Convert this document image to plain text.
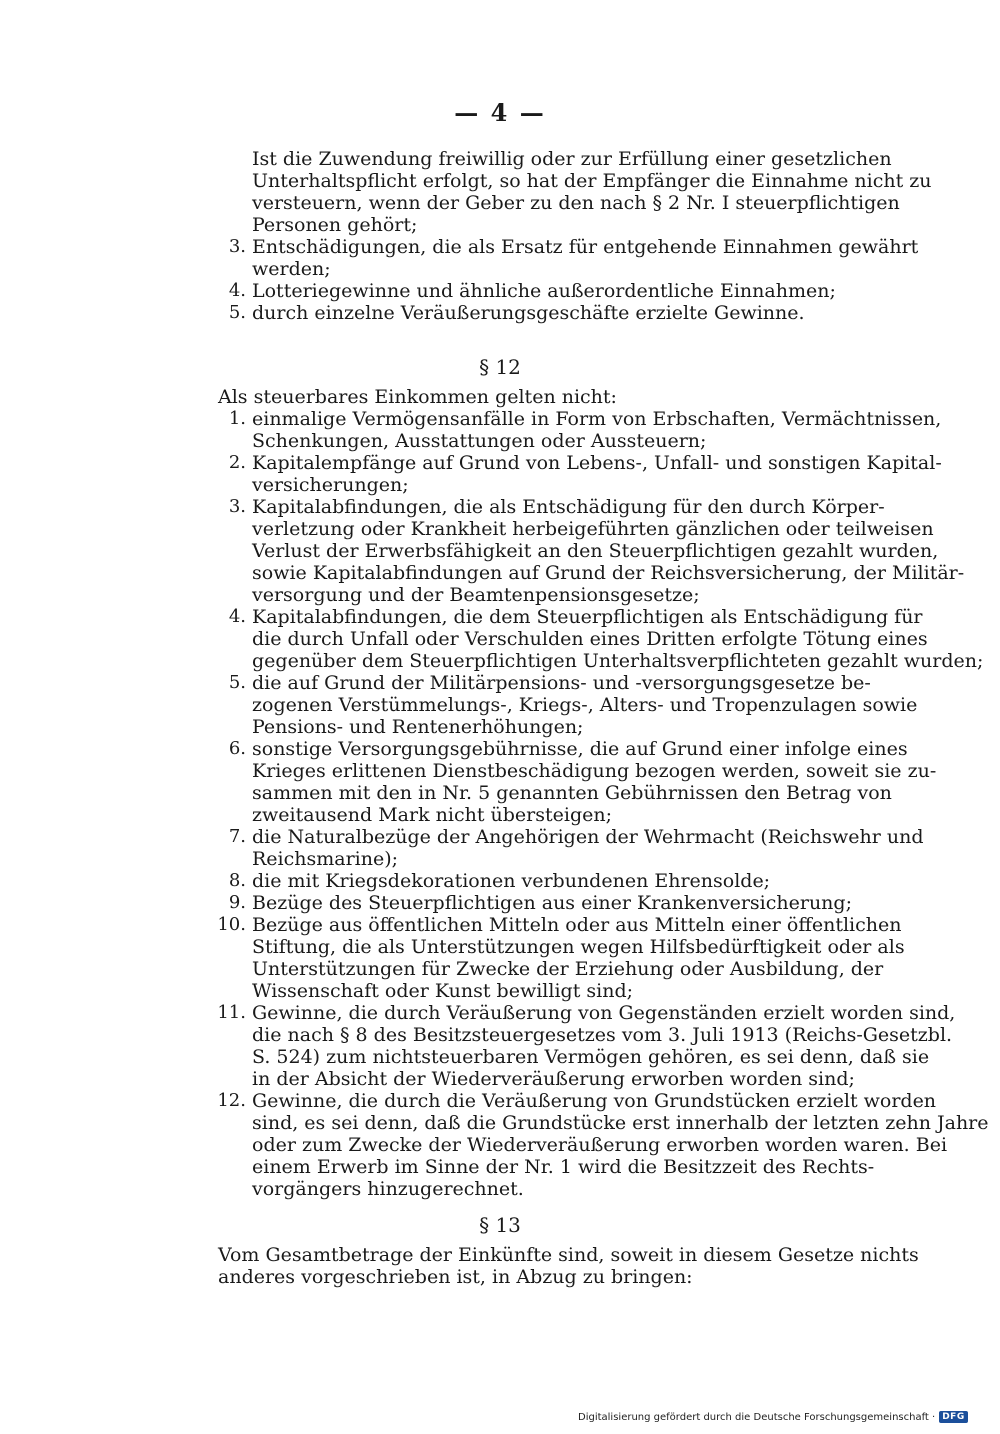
— 4 —
Ist die Zuwendung freiwillig oder zur Erfüllung einer gesetzlichen
Unterhaltspflicht erfolgt, so hat der Empfänger die Einnahme nicht zu
versteuern, wenn der Geber zu den nach § 2 Nr. I steuerpflichtigen
Personen gehört;
3. Entschädigungen, die als Ersatz für entgehende Einnahmen gewährt
werden;
4. Lotteriegewinne und ähnliche außerordentliche Einnahmen;
5. durch einzelne Veräußerungsgeschäfte erzielte Gewinne.
§ 12
Als steuerbares Einkommen gelten nicht:
1. einmalige Vermögensanfälle in Form von Erbschaften, Vermächtnissen,
Schenkungen, Ausstattungen oder Aussteuern;
2. Kapitalempfänge auf Grund von Lebens-, Unfall- und sonstigen Kapital-
versicherungen;
3. Kapitalabfindungen, die als Entschädigung für den durch Körper-
verletzung oder Krankheit herbeigeführten gänzlichen oder teilweisen
Verlust der Erwerbsfähigkeit an den Steuerpflichtigen gezahlt wurden,
sowie Kapitalabfindungen auf Grund der Reichsversicherung, der Militär-
versorgung und der Beamtenpensionsgesetze;
4. Kapitalabfindungen, die dem Steuerpflichtigen als Entschädigung für
die durch Unfall oder Verschulden eines Dritten erfolgte Tötung eines
gegenüber dem Steuerpflichtigen Unterhaltsverpflichteten gezahlt wurden;
5. die auf Grund der Militärpensions- und -versorgungsgesetze be-
zogenen Verstümmelungs-, Kriegs-, Alters- und Tropenzulagen sowie
Pensions- und Rentenerhöhungen;
6. sonstige Versorgungsgebührnisse, die auf Grund einer infolge eines
Krieges erlittenen Dienstbeschädigung bezogen werden, soweit sie zu-
sammen mit den in Nr. 5 genannten Gebührnissen den Betrag von
zweitausend Mark nicht übersteigen;
7. die Naturalbezüge der Angehörigen der Wehrmacht (Reichswehr und
Reichsmarine);
8. die mit Kriegsdekorationen verbundenen Ehrensolde;
9. Bezüge des Steuerpflichtigen aus einer Krankenversicherung;
10. Bezüge aus öffentlichen Mitteln oder aus Mitteln einer öffentlichen
Stiftung, die als Unterstützungen wegen Hilfsbedürftigkeit oder als
Unterstützungen für Zwecke der Erziehung oder Ausbildung, der
Wissenschaft oder Kunst bewilligt sind;
11. Gewinne, die durch Veräußerung von Gegenständen erzielt worden sind,
die nach § 8 des Besitzsteuergesetzes vom 3. Juli 1913 (Reichs-Gesetzbl.
S. 524) zum nichtsteuerbaren Vermögen gehören, es sei denn, daß sie
in der Absicht der Wiederveräußerung erworben worden sind;
12. Gewinne, die durch die Veräußerung von Grundstücken erzielt worden
sind, es sei denn, daß die Grundstücke erst innerhalb der letzten zehn Jahre
oder zum Zwecke der Wiederveräußerung erworben worden waren. Bei
einem Erwerb im Sinne der Nr. 1 wird die Besitzzeit des Rechts-
vorgängers hinzugerechnet.
§ 13
Vom Gesamtbetrage der Einkünfte sind, soweit in diesem Gesetze nichts
anderes vorgeschrieben ist, in Abzug zu bringen:
Digitalisierung gefördert durch die Deutsche Forschungsgemeinschaft · DFG
